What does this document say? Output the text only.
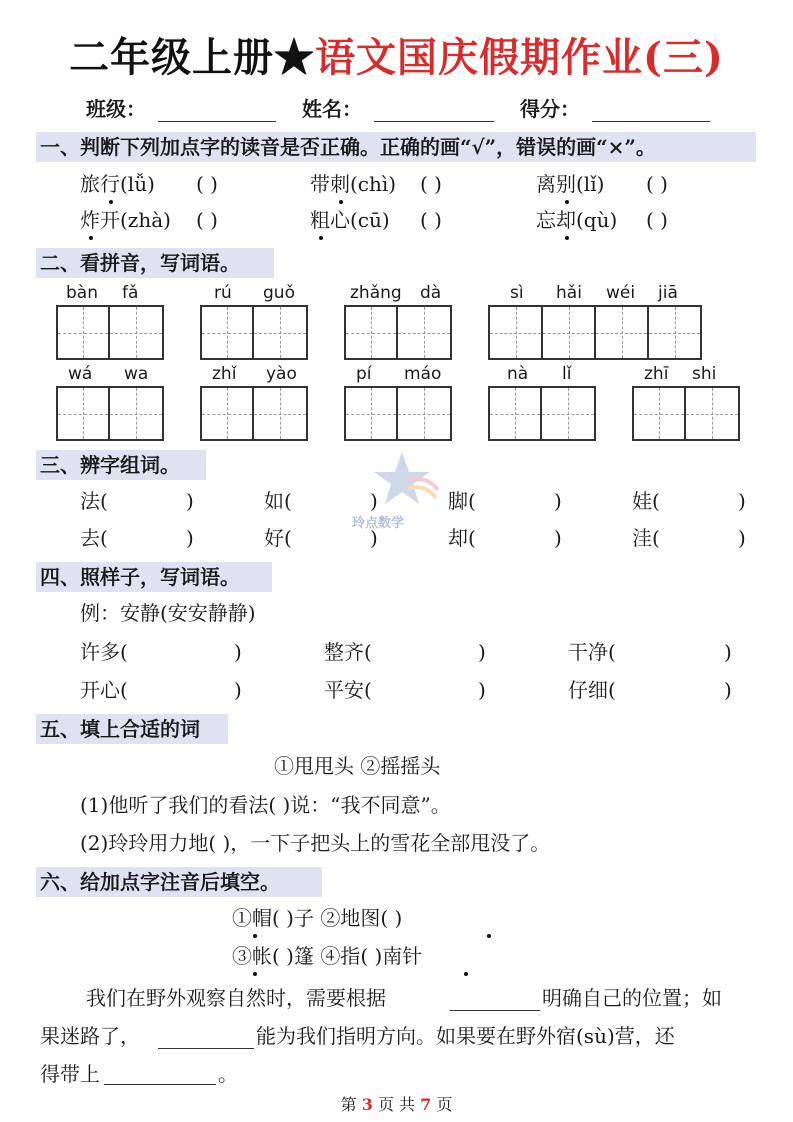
二年级上册★语文国庆假期作业(三)
班级：	姓名：	得分：
一、判断下列加点字的读音是否正确。正确的画“√”，错误的画“×”。
旅行(lǚ) ( )	带刺(chì) ( )	离别(lǐ) ( )
炸开(zhà) ( )	粗心(cū) ( )	忘却(qù) ( )
二、看拼音，写词语。
bàn fǎ	rú guǒ	zhǎng dà	sì hǎi wéi jiā
wá wa	zhǐ yào	pí máo	nà lǐ	zhī shi
三、辨字组词。
法(	)	如(	)	脚(	)	娃(	)
去(	)	好(	)	却(	)	洼(	)
玲点数学
四、照样子，写词语。
例：安静(安安静静)
许多(	)	整齐(	)	干净(	)
开心(	)	平安(	)	仔细(	)
五、填上合适的词
①甩甩头 ②摇摇头
(1)他听了我们的看法( )说：“我不同意”。
(2)玲玲用力地( )，一下子把头上的雪花全部甩没了。
六、给加点字注音后填空。
①帽( )子 ②地图( )
③帐( )篷 ④指( )南针
我们在野外观察自然时，需要根据	明确自己的位置；如
果迷路了，	能为我们指明方向。如果要在野外宿(sù)营，还
得带上	。
第 3 页 共 7 页
